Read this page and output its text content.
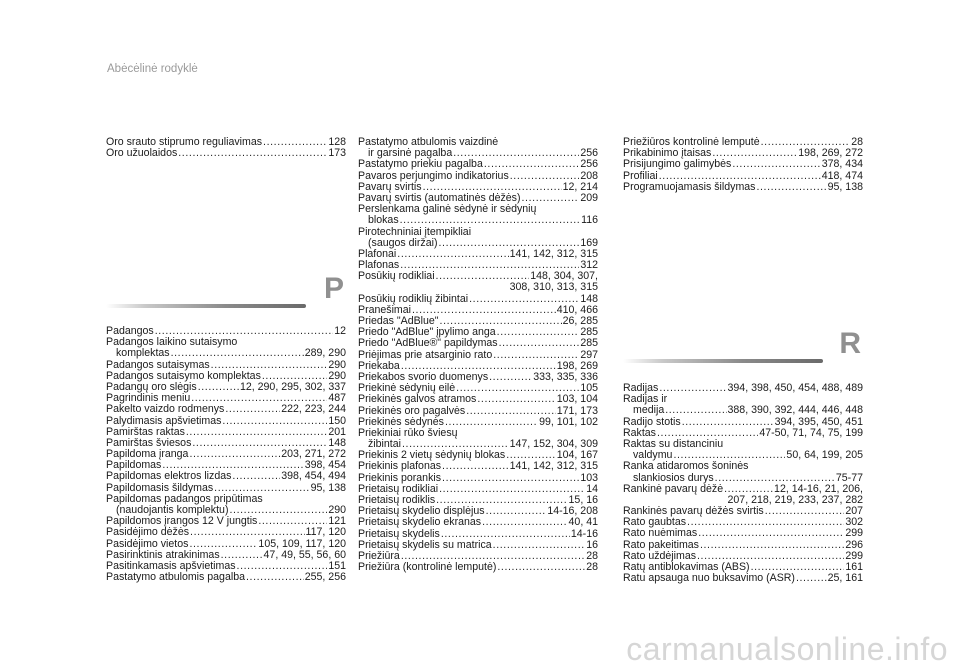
Abėcėlinė rodyklė
Oro srauto stiprumo reguliavimas .....	128
Oro užuolaidos .....	173
P
Padangos .....	12
Padangos laikino sutaisymo
komplektas .....	289, 290
Padangos sutaisymas .....	290
Padangos sutaisymo komplektas .....	290
Padangų oro slėgis .....	12, 290, 295, 302, 337
Pagrindinis meniu .....	487
Pakelto vaizdo rodmenys .....	222, 223, 244
Palydimasis apšvietimas .....	150
Pamirštas raktas .....	201
Pamirštas šviesos .....	148
Papildoma įranga .....	203, 271, 272
Papildomas .....	398, 454
Papildomas elektros lizdas .....	398, 454, 494
Papildomasis šildymas .....	95, 138
Papildomas padangos pripūtimas
(naudojantis komplektu) .....	290
Papildomos įrangos 12 V jungtis .....	121
Pasidėjimo dėžės .....	117, 120
Pasidėjimo vietos .....	105, 109, 117, 120
Pasirinktinis atrakinimas .....	47, 49, 55, 56, 60
Pasitinkamasis apšvietimas .....	151
Pastatymo atbulomis pagalba .....	255, 256
Pastatymo atbulomis vaizdinė
ir garsinė pagalba .....	256
Pastatymo priekiu pagalba .....	256
Pavaros perjungimo indikatorius .....	208
Pavarų svirtis .....	12, 214
Pavarų svirtis (automatinės dėžės) .....	209
Perslenkama galinė sėdynė ir sėdynių
blokas .....	116
Pirotechniniai įtempikliai
(saugos diržai) .....	169
Plafonai .....	141, 142, 312, 315
Plafonas .....	312
Posūkių rodikliai .....	148, 304, 307,
308, 310, 313, 315
Posūkių rodiklių žibintai .....	148
Pranešimai .....	410, 466
Priedas "AdBlue" .....	26, 285
Priedo "AdBlue" įpylimo anga .....	285
Priedo "AdBlue®" papildymas .....	285
Priėjimas prie atsarginio rato .....	297
Priekaba .....	198, 269
Priekabos svorio duomenys .....	333, 335, 336
Priekinė sėdynių eilė .....	105
Priekinės galvos atramos .....	103, 104
Priekinės oro pagalvės .....	171, 173
Priekinės sėdynės .....	99, 101, 102
Priekiniai rūko šviesų
žibintai .....	147, 152, 304, 309
Priekinis 2 vietų sėdynių blokas .....	104, 167
Priekinis plafonas .....	141, 142, 312, 315
Priekinis porankis .....	103
Prietaisų rodikliai .....	14
Prietaisų rodiklis .....	15, 16
Prietaisų skydelio displėjus .....	14-16, 208
Prietaisų skydelio ekranas .....	40, 41
Prietaisų skydelis .....	14-16
Prietaisų skydelis su matrica .....	16
Priežiūra .....	28
Priežiūra (kontrolinė lemputė) .....	28
Priežiūros kontrolinė lemputė .....	28
Prikabinimo įtaisas .....	198, 269, 272
Prisijungimo galimybės .....	378, 434
Profiliai .....	418, 474
Programuojamasis šildymas .....	95, 138
R
Radijas .....	394, 398, 450, 454, 488, 489
Radijas ir
medija .....	388, 390, 392, 444, 446, 448
Radijo stotis .....	394, 395, 450, 451
Raktas .....	47-50, 71, 74, 75, 199
Raktas su distanciniu
valdymu .....	50, 64, 199, 205
Ranka atidaromos šoninės
slankiosios durys .....	75-77
Rankinė pavarų dėžė .....	12, 14-16, 21, 206,
207, 218, 219, 233, 237, 282
Rankinės pavarų dėžės svirtis .....	207
Rato gaubtas .....	302
Rato nuėmimas .....	299
Rato pakeitimas .....	296
Rato uždėjimas .....	299
Ratų antiblokavimas (ABS) .....	161
Ratu apsauga nuo buksavimo (ASR) .....	25, 161
carmanualsonline.info
